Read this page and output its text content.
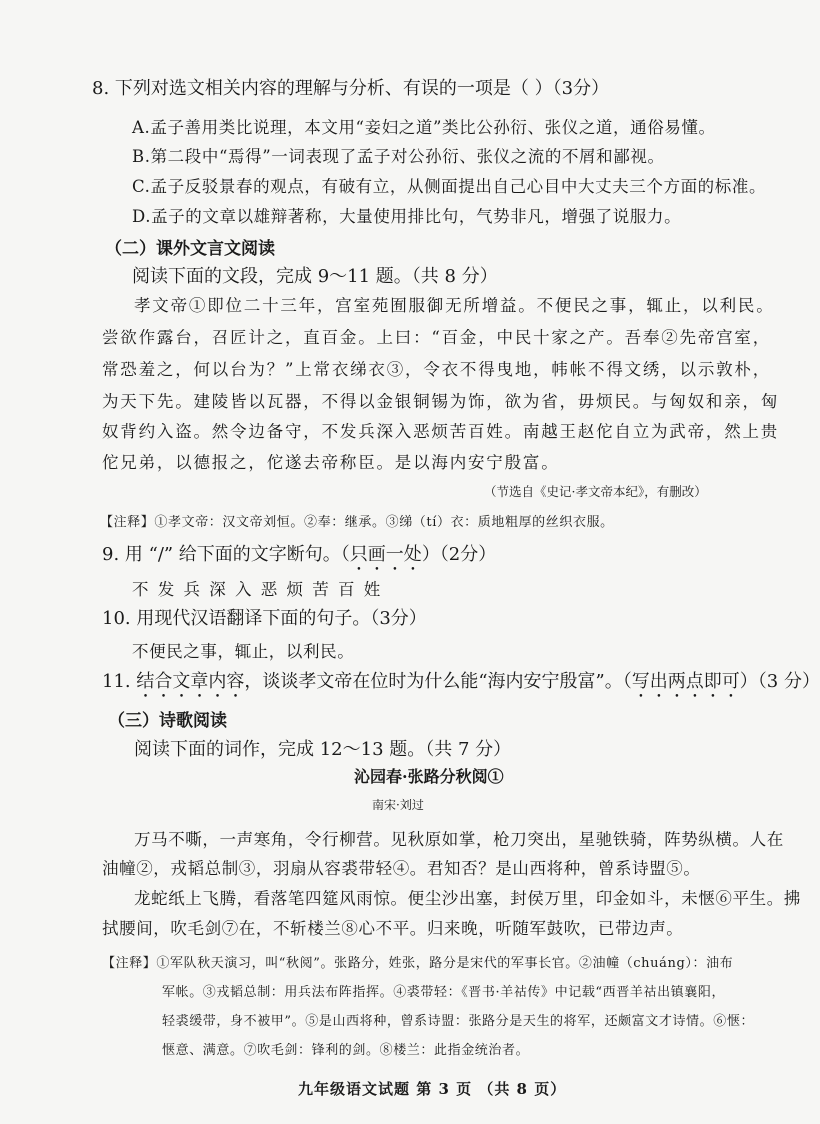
8. 下列对选文相关内容的理解与分析、有误的一项是（ ）（3分）
A.孟子善用类比说理，本文用“妾妇之道”类比公孙衍、张仪之道，通俗易懂。
B.第二段中“焉得”一词表现了孟子对公孙衍、张仪之流的不屑和鄙视。
C.孟子反驳景春的观点，有破有立，从侧面提出自己心目中大丈夫三个方面的标准。
D.孟子的文章以雄辩著称，大量使用排比句，气势非凡，增强了说服力。
（二）课外文言文阅读
阅读下面的文段，完成 9～11 题。（共 8 分）
孝文帝①即位二十三年，宫室苑囿服御无所增益。不便民之事，辄止，以利民。
尝欲作露台，召匠计之，直百金。上曰：“百金，中民十家之产。吾奉②先帝宫室，
常恐羞之，何以台为？”上常衣绨衣③，令衣不得曳地，帏帐不得文绣，以示敦朴，
为天下先。建陵皆以瓦器，不得以金银铜锡为饰，欲为省，毋烦民。与匈奴和亲，匈
奴背约入盗。然令边备守，不发兵深入恶烦苦百姓。南越王赵佗自立为武帝，然上贵
佗兄弟，以德报之，佗遂去帝称臣。是以海内安宁殷富。
（节选自《史记·孝文帝本纪》，有删改）
【注释】①孝文帝：汉文帝刘恒。②奉：继承。③绨（tí）衣：质地粗厚的丝织衣服。
9. 用 “/” 给下面的文字断句。（只画一处）（2分）
不 发 兵 深 入 恶 烦 苦 百 姓
10. 用现代汉语翻译下面的句子。（3分）
不便民之事，辄止，以利民。
11. 结合文章内容，谈谈孝文帝在位时为什么能“海内安宁殷富”。（写出两点即可）（3 分）
（三）诗歌阅读
阅读下面的词作，完成 12～13 题。（共 7 分）
沁园春·张路分秋阅①
南宋·刘过
万马不嘶，一声寒角，令行柳营。见秋原如掌，枪刀突出，星驰铁骑，阵势纵横。人在
油幢②，戎韬总制③，羽扇从容裘带轻④。君知否？是山西将种，曾系诗盟⑤。
龙蛇纸上飞腾，看落笔四筵风雨惊。便尘沙出塞，封侯万里，印金如斗，未惬⑥平生。拂
拭腰间，吹毛剑⑦在，不斩楼兰⑧心不平。归来晚，听随军鼓吹，已带边声。
【注释】①军队秋天演习，叫“秋阅”。张路分，姓张，路分是宋代的军事长官。②油幢（chuáng）：油布
军帐。③戎韬总制：用兵法布阵指挥。④裘带轻：《晋书·羊祜传》中记载“西晋羊祜出镇襄阳，
轻裘缓带，身不被甲”。⑤是山西将种，曾系诗盟：张路分是天生的将军，还颇富文才诗情。⑥惬：
惬意、满意。⑦吹毛剑：锋利的剑。⑧楼兰：此指金统治者。
九年级语文试题 第 3 页 （共 8 页）
